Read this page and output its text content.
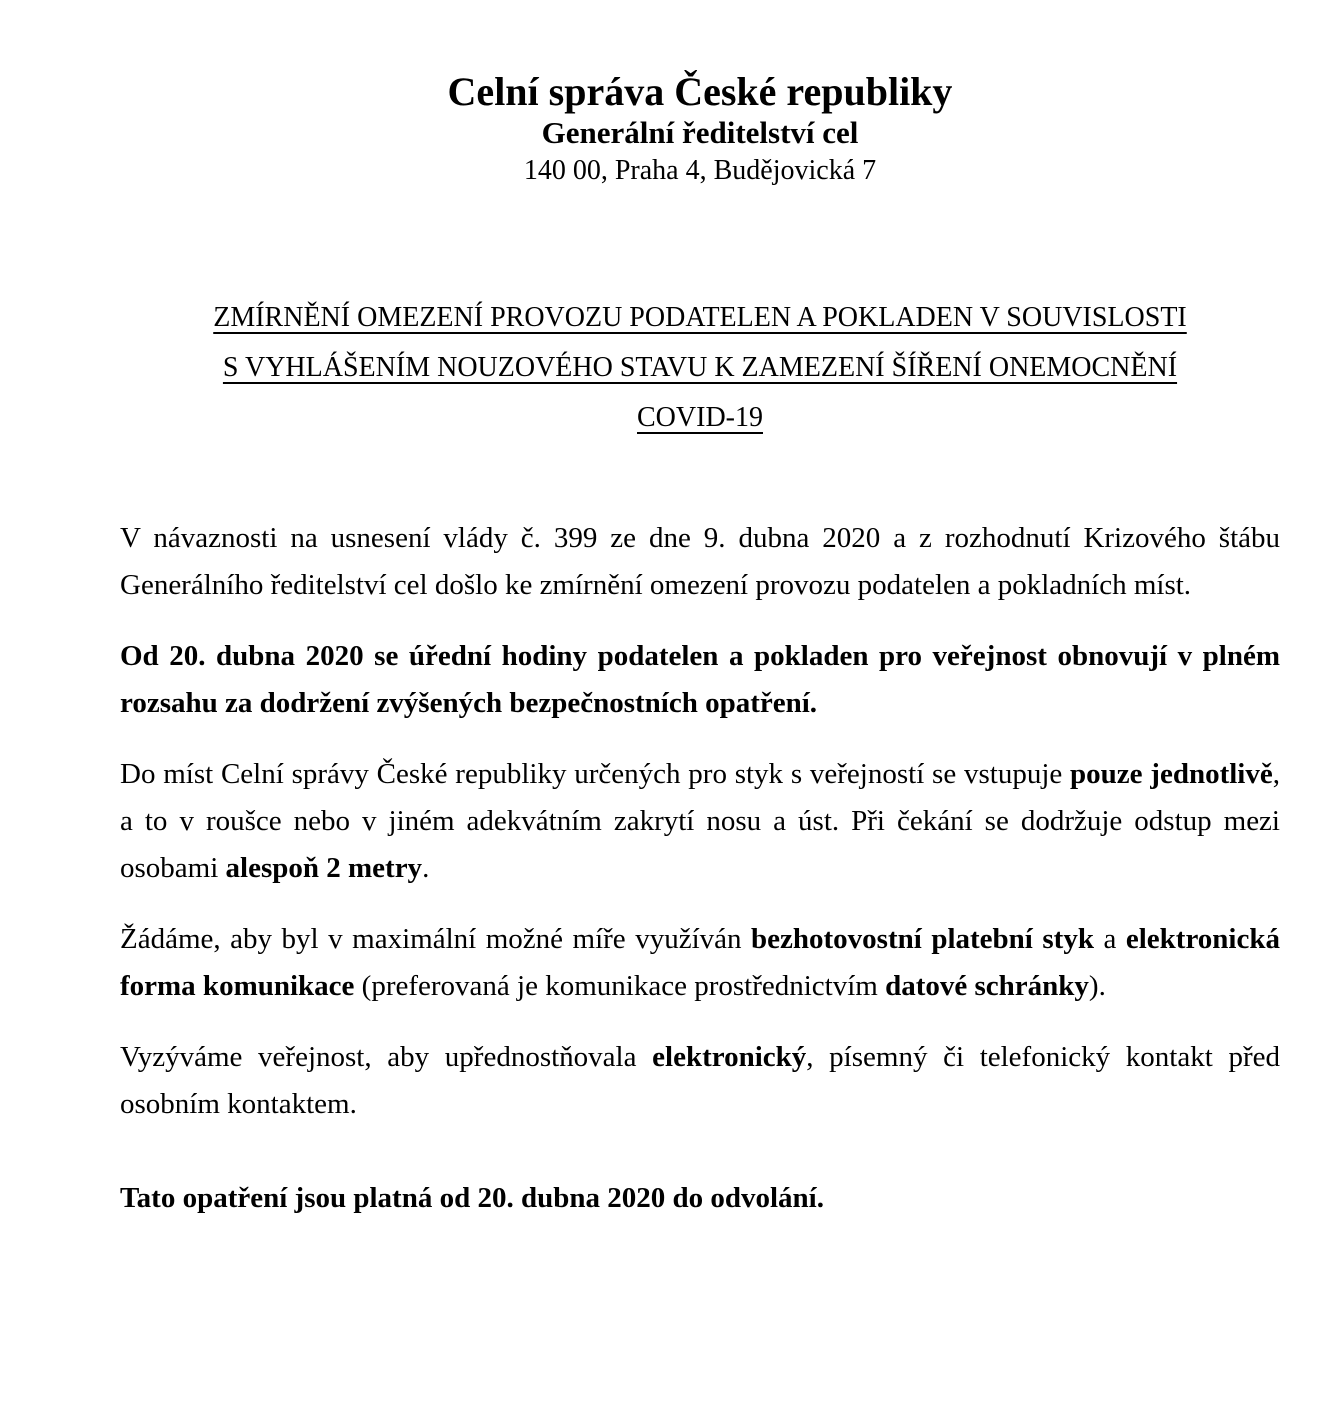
Celní správa České republiky
Generální ředitelství cel
140 00, Praha 4, Budějovická 7
ZMÍRNĚNÍ OMEZENÍ PROVOZU PODATELEN A POKLADEN V SOUVISLOSTI
S VYHLÁŠENÍM NOUZOVÉHO STAVU K ZAMEZENÍ ŠÍŘENÍ ONEMOCNĚNÍ
COVID-19

V návaznosti na usnesení vlády č. 399 ze dne 9. dubna 2020 a z rozhodnutí Krizového štábu Generálního ředitelství cel došlo ke zmírnění omezení provozu podatelen a pokladních míst.

Od 20. dubna 2020 se úřední hodiny podatelen a pokladen pro veřejnost obnovují v plném rozsahu za dodržení zvýšených bezpečnostních opatření.

Do míst Celní správy České republiky určených pro styk s veřejností se vstupuje pouze jednotlivě, a to v roušce nebo v jiném adekvátním zakrytí nosu a úst. Při čekání se dodržuje odstup mezi osobami alespoň 2 metry.

Žádáme, aby byl v maximální možné míře využíván bezhotovostní platební styk a elektronická forma komunikace (preferovaná je komunikace prostřednictvím datové schránky).

Vyzýváme veřejnost, aby upřednostňovala elektronický, písemný či telefonický kontakt před osobním kontaktem.

Tato opatření jsou platná od 20. dubna 2020 do odvolání.
